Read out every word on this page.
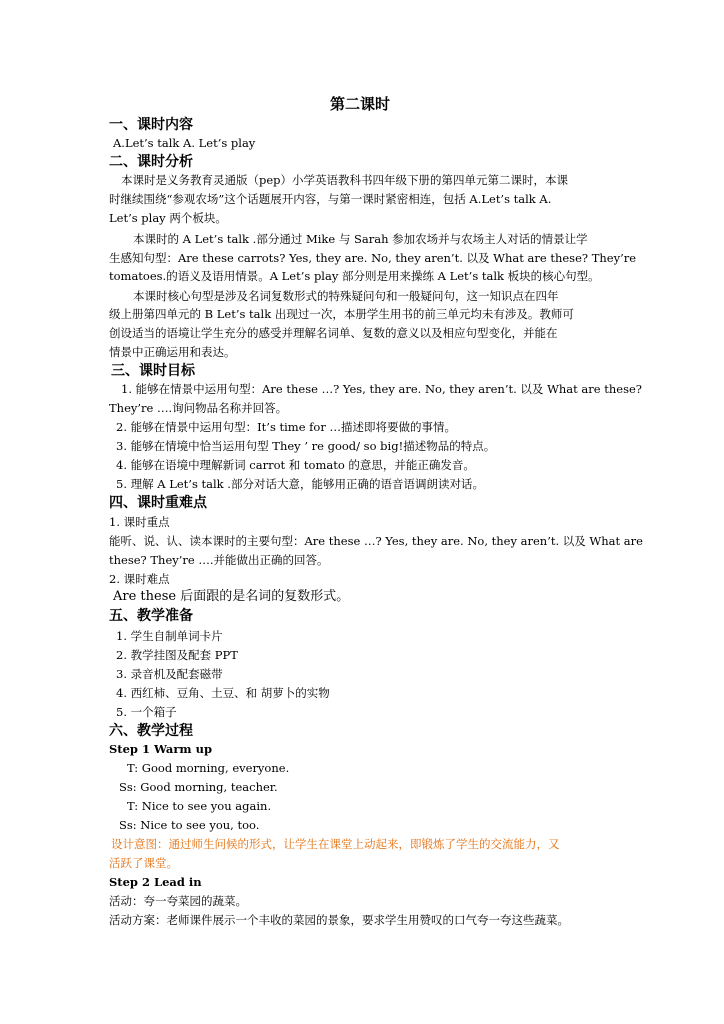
第二课时
一、课时内容
A.Let’s talk A. Let’s play
二、课时分析
本课时是义务教育灵通版（pep）小学英语教科书四年级下册的第四单元第二课时，本课
时继续围绕“参观农场”这个话题展开内容，与第一课时紧密相连，包括 A.Let’s talk A.
Let’s play 两个板块。
本课时的 A Let’s talk .部分通过 Mike 与 Sarah 参加农场并与农场主人对话的情景让学
生感知句型：Are these carrots? Yes, they are. No, they aren’t. 以及 What are these? They’re
tomatoes.的语义及语用情景。A Let’s play 部分则是用来操练 A Let’s talk 板块的核心句型。
本课时核心句型是涉及名词复数形式的特殊疑问句和一般疑问句，这一知识点在四年
级上册第四单元的 B Let’s talk 出现过一次，本册学生用书的前三单元均未有涉及。教师可
创设适当的语境让学生充分的感受并理解名词单、复数的意义以及相应句型变化，并能在
情景中正确运用和表达。
三、课时目标
1. 能够在情景中运用句型：Are these …? Yes, they are. No, they aren’t. 以及 What are these?
They’re ….询问物品名称并回答。
2. 能够在情景中运用句型：It’s time for …描述即将要做的事情。
3. 能够在情境中恰当运用句型 They ’ re good/ so big!描述物品的特点。
4. 能够在语境中理解新词 carrot 和 tomato 的意思，并能正确发音。
5. 理解 A Let’s talk .部分对话大意，能够用正确的语音语调朗读对话。
四、课时重难点
1. 课时重点
能听、说、认、读本课时的主要句型：Are these …? Yes, they are. No, they aren’t. 以及 What are
these? They’re ….并能做出正确的回答。
2. 课时难点
Are these 后面跟的是名词的复数形式。
五、教学准备
1. 学生自制单词卡片
2. 教学挂图及配套 PPT
3. 录音机及配套磁带
4. 西红柿、豆角、土豆、和 胡萝卜的实物
5. 一个箱子
六、教学过程
Step 1 Warm up
T: Good morning, everyone.
Ss: Good morning, teacher.
T: Nice to see you again.
Ss: Nice to see you, too.
设计意图：通过师生问候的形式，让学生在课堂上动起来，即锻炼了学生的交流能力，又
活跃了课堂。
Step 2 Lead in
活动：夸一夸菜园的蔬菜。
活动方案：老师课件展示一个丰收的菜园的景象，要求学生用赞叹的口气夸一夸这些蔬菜。
